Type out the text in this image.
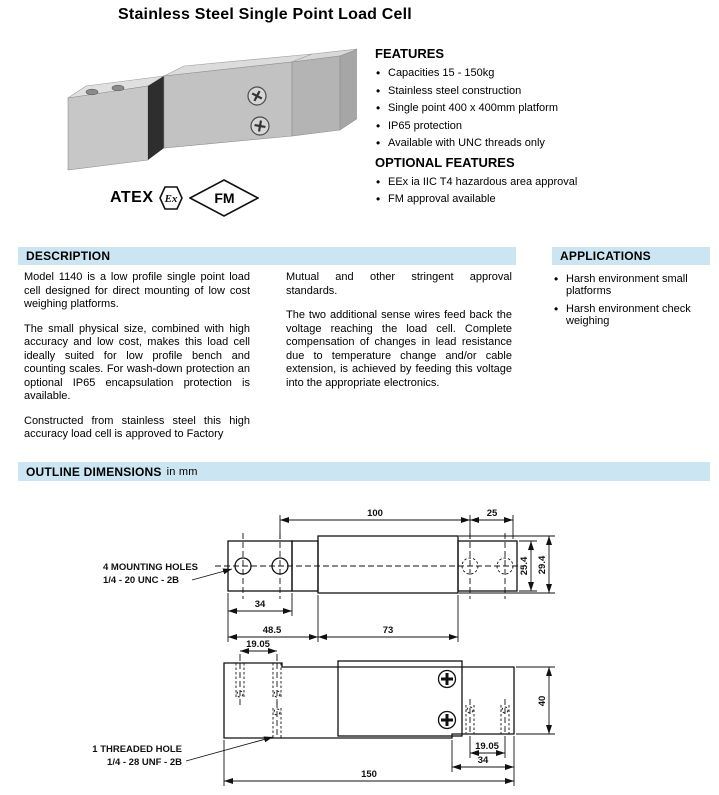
Stainless Steel Single Point Load Cell
ATEX Ex	FM
FEATURES
• Capacities 15 - 150kg
• Stainless steel construction
• Single point 400 x 400mm platform
• IP65 protection
• Available with UNC threads only
OPTIONAL FEATURES
• EEx ia IIC T4 hazardous area approval
• FM approval available
DESCRIPTION	APPLICATIONS

Model 1140 is a low profile single point load cell designed for direct mounting of low cost weighing platforms.

The small physical size, combined with high accuracy and low cost, makes this load cell ideally suited for low profile bench and counting scales. For wash-down protection an optional IP65 encapsulation protection is available.

Constructed from stainless steel this high accuracy load cell is approved to Factory

Mutual and other stringent approval standards.

The two additional sense wires feed back the voltage reaching the load cell. Complete compensation of changes in lead resistance due to temperature change and/or cable extension, is achieved by feeding this voltage into the appropriate electronics.

• Harsh environment small platforms
• Harsh environment check weighing
OUTLINE DIMENSIONS in mm
100	25
25.4 29.4
34
48.5	73
4 MOUNTING HOLES
1/4 - 20 UNC - 2B
19.05
19.05
34
150
40
1 THREADED HOLE
1/4 - 28 UNF - 2B
